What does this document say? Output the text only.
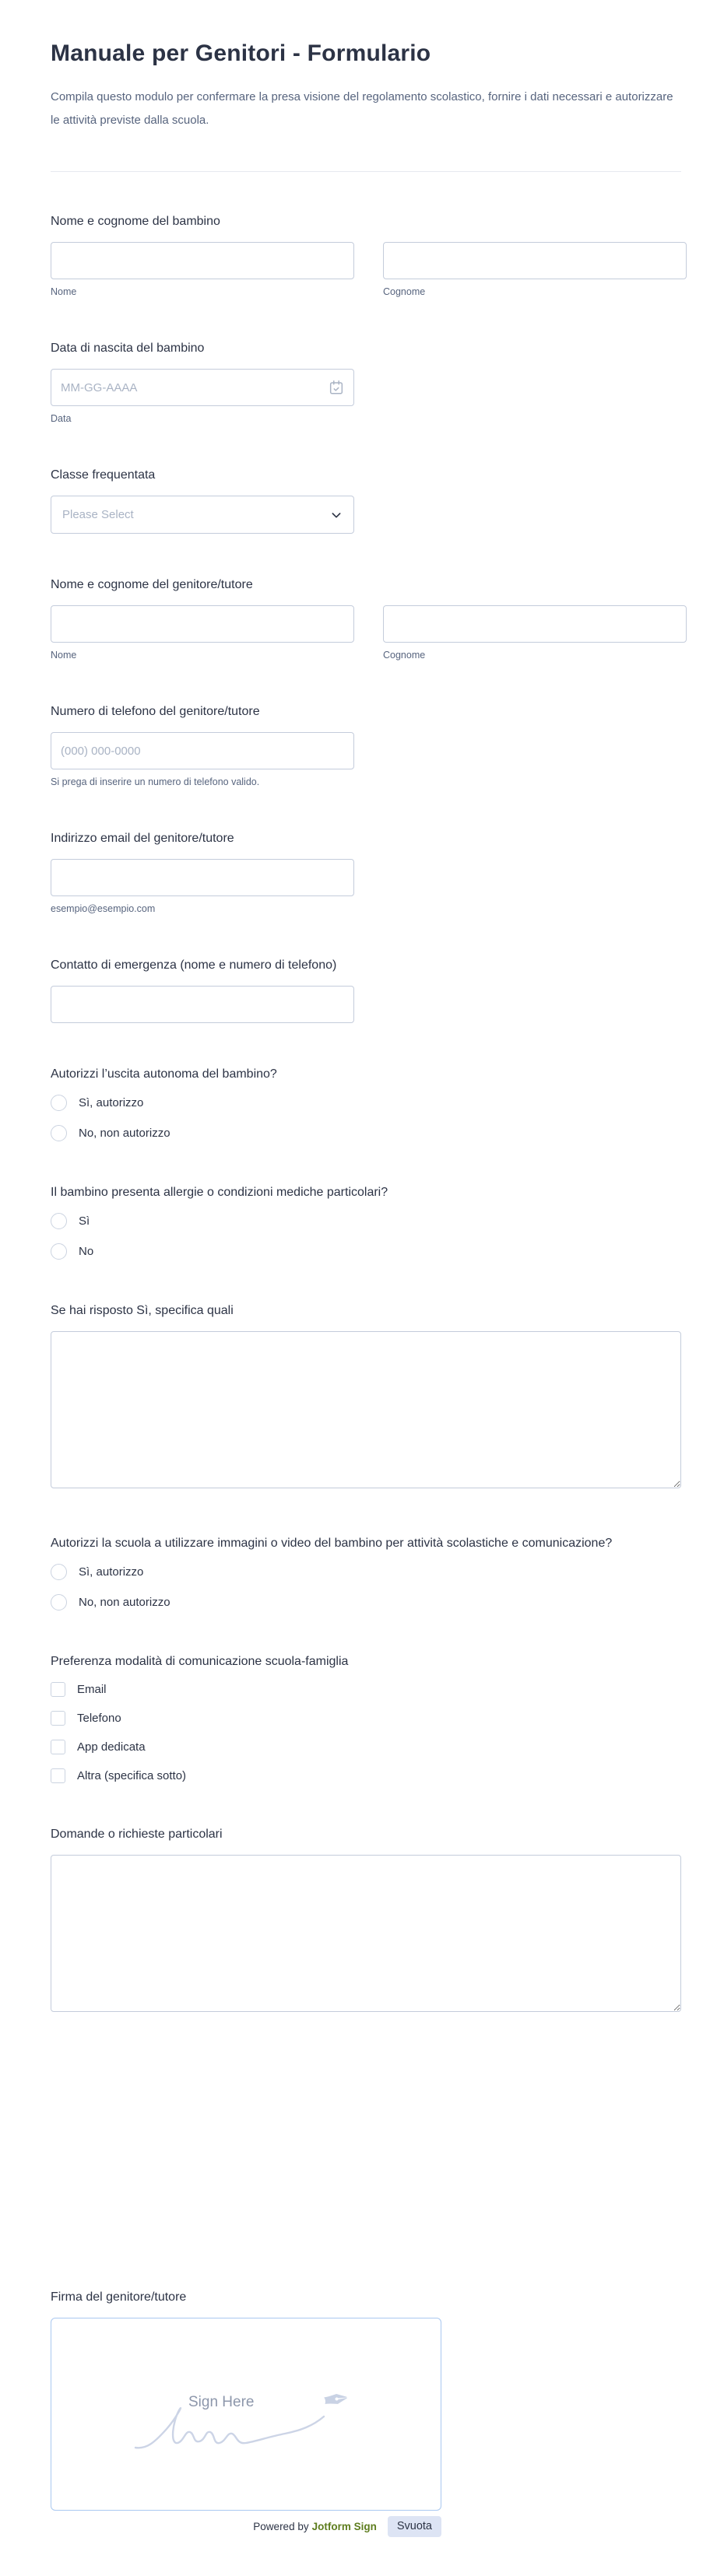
Manuale per Genitori - Formulario

Compila questo modulo per confermare la presa visione del regolamento scolastico, fornire i dati necessari e autorizzare le attività previste dalla scuola.

Nome e cognome del bambino
Nome	Cognome
Data di nascita del bambino
MM-GG-AAAA
Data
Classe frequentata
Please Select
Nome e cognome del genitore/tutore
Nome	Cognome
Numero di telefono del genitore/tutore
(000) 000-0000
Si prega di inserire un numero di telefono valido.
Indirizzo email del genitore/tutore
esempio@esempio.com
Contatto di emergenza (nome e numero di telefono)
Autorizzi l’uscita autonoma del bambino?
Sì, autorizzo
No, non autorizzo
Il bambino presenta allergie o condizioni mediche particolari?
Sì
No
Se hai risposto Sì, specifica quali
Autorizzi la scuola a utilizzare immagini o video del bambino per attività scolastiche e comunicazione?
Sì, autorizzo
No, non autorizzo
Preferenza modalità di comunicazione scuola-famiglia
Email
Telefono
App dedicata
Altra (specifica sotto)
Domande o richieste particolari
Firma del genitore/tutore
Sign Here ✒
Powered by Jotform Sign	Svuota
